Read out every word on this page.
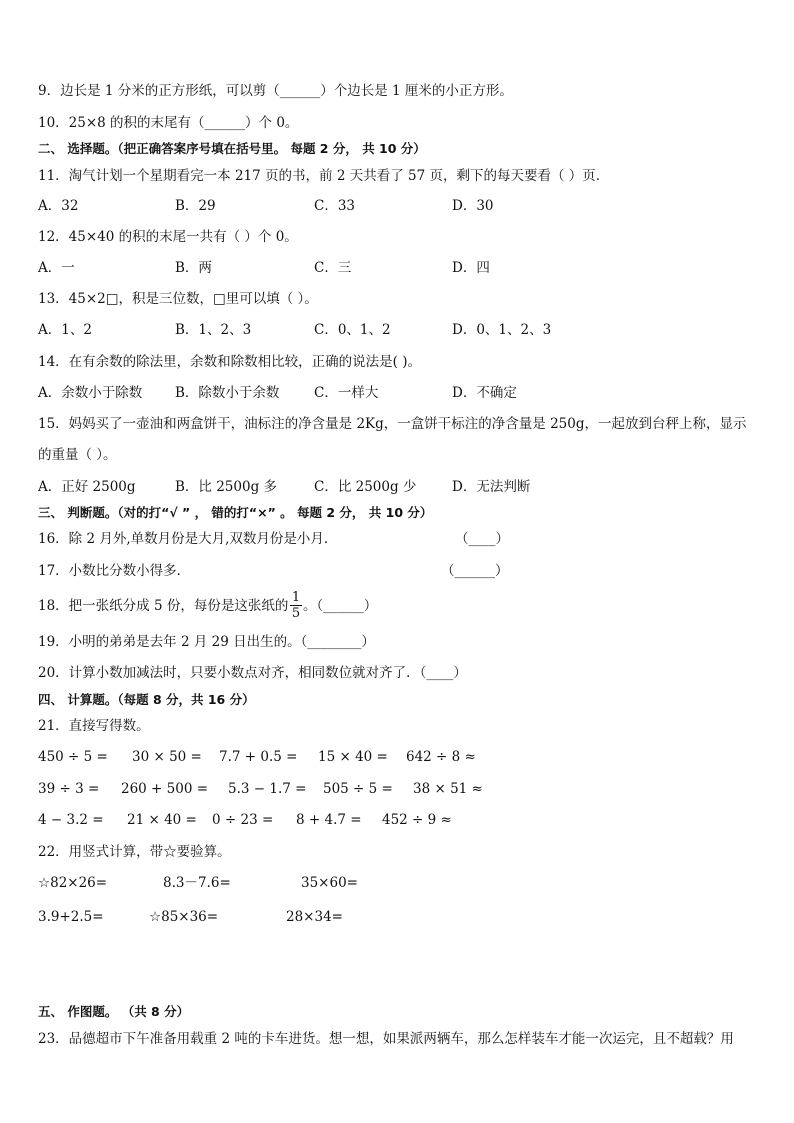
9．边长是 1 分米的正方形纸，可以剪（______）个边长是 1 厘米的小正方形。
10．25×8 的积的末尾有（______）个 0。
二、 选择题。（把正确答案序号填在括号里。 每题 2 分， 共 10 分）
11．淘气计划一个星期看完一本 217 页的书，前 2 天共看了 57 页，剩下的每天要看（ ）页．
A．32	B．29	C．33	D．30
12．45×40 的积的末尾一共有（ ）个 0。
A．一	B．两	C．三	D．四
13．45×2□，积是三位数，□里可以填（ ）。
A．1、2	B．1、2、3	C．0、1、2	D．0、1、2、3
14．在有余数的除法里，余数和除数相比较，正确的说法是( )。
A．余数小于除数 B．除数小于余数	C．一样大	D．不确定
15．妈妈买了一壶油和两盒饼干，油标注的净含量是 2Kg，一盒饼干标注的净含量是 250g，一起放到台秤上称，显示
的重量（ ）。
A．正好 2500g	B．比 2500g 多	C．比 2500g 少	D．无法判断
三、 判断题。（对的打“√ ” ， 错的打“×” 。 每题 2 分， 共 10 分）
16．除 2 月外,单数月份是大月,双数月份是小月．	（____）
17．小数比分数小得多．	（______）
18．把一张纸分成 5 份，每份是这张纸的 $\frac{1}{5}$ 。（______）
19．小明的弟弟是去年 2 月 29 日出生的。（________）
20．计算小数加减法时，只要小数点对齐，相同数位就对齐了．（____）
四、 计算题。（每题 8 分，共 16 分）
21．直接写得数。
450 ÷ 5 = 30 × 50 = 7.7 + 0.5 = 15 × 40 = 642 ÷ 8 ≈
39 ÷ 3 = 260 + 500 = 5.3 − 1.7 = 505 ÷ 5 = 38 × 51 ≈
4 − 3.2 = 21 × 40 = 0 ÷ 23 = 8 + 4.7 = 452 ÷ 9 ≈
22．用竖式计算，带☆要验算。
☆82×26=	8.3－7.6=	35×60=
3.9+2.5=	☆85×36=	28×34=
五、 作图题。 （共 8 分）
23．品德超市下午准备用载重 2 吨的卡车进货。想一想，如果派两辆车，那么怎样装车才能一次运完，且不超载？用
